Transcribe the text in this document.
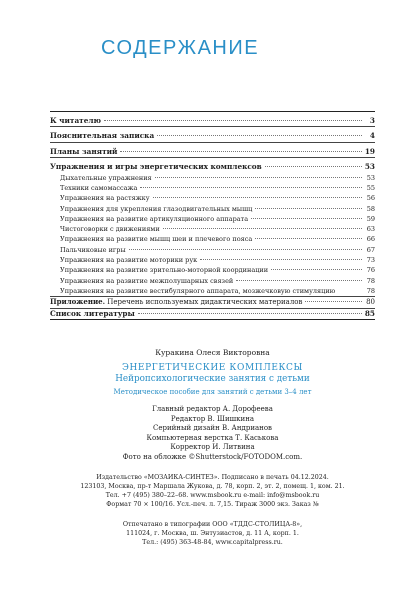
СОДЕРЖАНИЕ
К читателю	3
Пояснительная записка	4
Планы занятий	19
Упражнения и игры энергетических комплексов	53
Дыхательные упражнения	53
Техники самомассажа	55
Упражнения на растяжку	56
Упражнения для укрепления глазодвигательных мышц	58
Упражнения на развитие артикуляционного аппарата	59
Чистоговорки с движениями	63
Упражнения на развитие мышц шеи и плечевого пояса	66
Пальчиковые игры	67
Упражнения на развитие моторики рук	73
Упражнения на развитие зрительно-моторной координации	76
Упражнения на развитие межполушарных связей	78
Упражнения на развитие вестибулярного аппарата, мозжечковую стимуляцию	78
Приложение. Перечень используемых дидактических материалов	80
Список литературы	85
Куракина Олеся Викторовна
ЭНЕРГЕТИЧЕСКИЕ КОМПЛЕКСЫ
Нейропсихологические занятия с детьми
Методическое пособие для занятий с детьми 3–4 лет
Главный редактор А. Дорофеева
Редактор В. Шишкина
Серийный дизайн В. Андрианов
Компьютерная верстка Т. Каськова
Корректор И. Литвина
Фото на обложке ©Shutterstock/FOTODOM.com.
Издательство «МОЗАИКА-СИНТЕЗ». Подписано в печать 04.12.2024.
123103, Москва, пр-т Маршала Жукова, д. 78, корп. 2, эт. 2, помещ. 1, ком. 21.
Тел. +7 (495) 380–22–68. www.msbook.ru e-mail: info@msbook.ru
Формат 70 × 100/16. Усл.-печ. л. 7,15. Тираж 3000 экз. Заказ №
Отпечатано в типографии ООО «ТДДС-СТОЛИЦА-8»,
111024, г. Москва, ш. Энтузиастов, д. 11 А, корп. 1.
Тел.: (495) 363-48-84, www.capitalpress.ru.
